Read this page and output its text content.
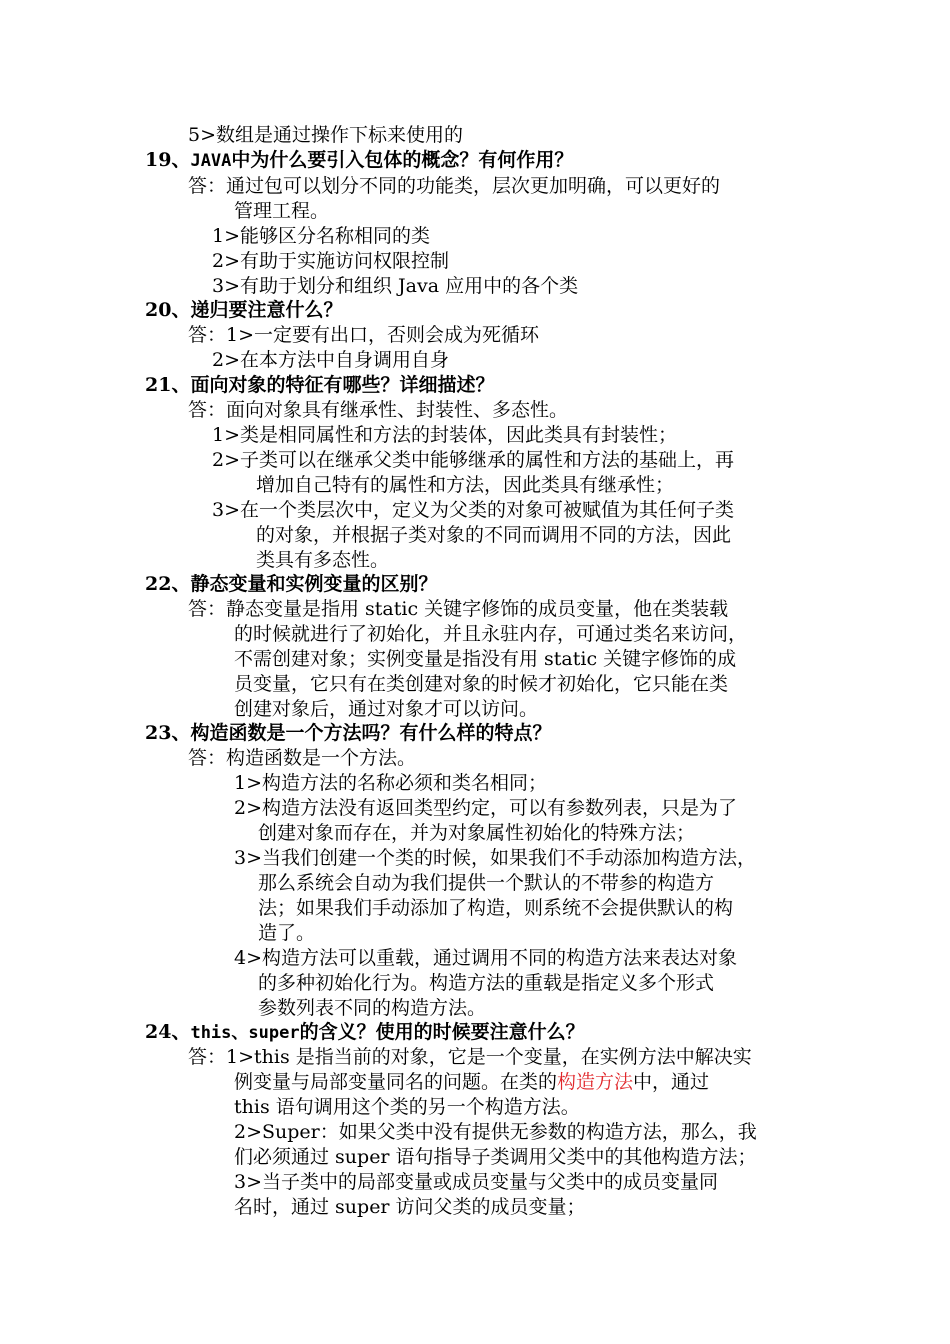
5>数组是通过操作下标来使用的
19、JAVA中为什么要引入包体的概念？有何作用？
答：通过包可以划分不同的功能类，层次更加明确，可以更好的
管理工程。
1>能够区分名称相同的类
2>有助于实施访问权限控制
3>有助于划分和组织 Java 应用中的各个类
20、递归要注意什么？
答：1>一定要有出口，否则会成为死循环
2>在本方法中自身调用自身
21、面向对象的特征有哪些？详细描述？
答：面向对象具有继承性、封装性、多态性。
1>类是相同属性和方法的封装体，因此类具有封装性；
2>子类可以在继承父类中能够继承的属性和方法的基础上，再
增加自己特有的属性和方法，因此类具有继承性；
3>在一个类层次中，定义为父类的对象可被赋值为其任何子类
的对象，并根据子类对象的不同而调用不同的方法，因此
类具有多态性。
22、静态变量和实例变量的区别？
答：静态变量是指用 static 关键字修饰的成员变量，他在类装载
的时候就进行了初始化，并且永驻内存，可通过类名来访问，
不需创建对象；实例变量是指没有用 static 关键字修饰的成
员变量，它只有在类创建对象的时候才初始化，它只能在类
创建对象后，通过对象才可以访问。
23、构造函数是一个方法吗？有什么样的特点？
答：构造函数是一个方法。
1>构造方法的名称必须和类名相同；
2>构造方法没有返回类型约定，可以有参数列表，只是为了
创建对象而存在，并为对象属性初始化的特殊方法；
3>当我们创建一个类的时候，如果我们不手动添加构造方法，
那么系统会自动为我们提供一个默认的不带参的构造方
法；如果我们手动添加了构造，则系统不会提供默认的构
造了。
4>构造方法可以重载，通过调用不同的构造方法来表达对象
的多种初始化行为。构造方法的重载是指定义多个形式
参数列表不同的构造方法。
24、this、super的含义？使用的时候要注意什么？
答：1>this 是指当前的对象，它是一个变量，在实例方法中解决实
例变量与局部变量同名的问题。在类的构造方法中，通过
this 语句调用这个类的另一个构造方法。
2>Super：如果父类中没有提供无参数的构造方法，那么，我
们必须通过 super 语句指导子类调用父类中的其他构造方法；
3>当子类中的局部变量或成员变量与父类中的成员变量同
名时，通过 super 访问父类的成员变量；
